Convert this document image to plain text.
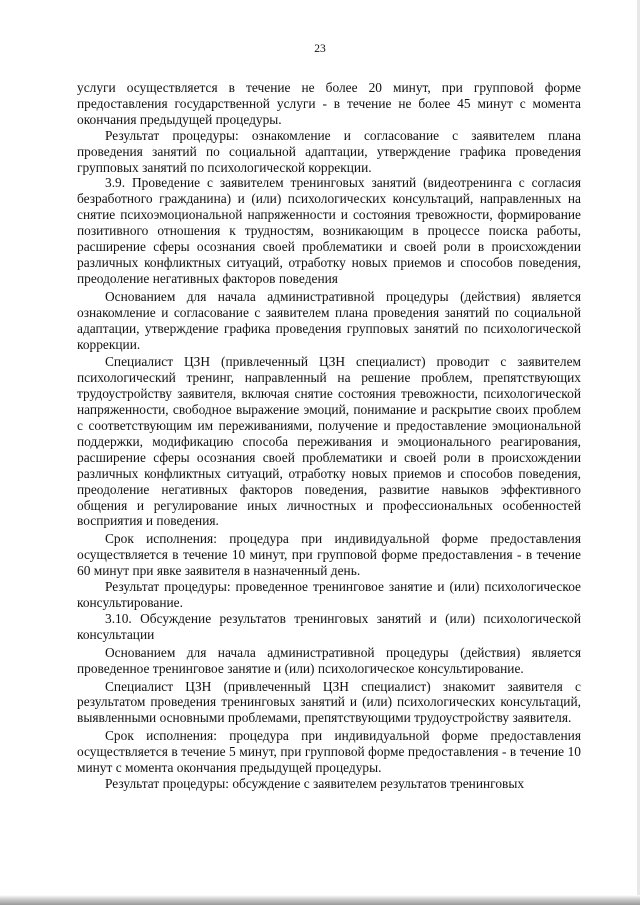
23

услуги осуществляется в течение не более 20 минут, при групповой форме предоставления государственной услуги - в течение не более 45 минут с момента окончания предыдущей процедуры.

Результат процедуры: ознакомление и согласование с заявителем плана проведения занятий по социальной адаптации, утверждение графика проведения групповых занятий по психологической коррекции.

3.9. Проведение с заявителем тренинговых занятий (видеотренинга с согласия безработного гражданина) и (или) психологических консультаций, направленных на снятие психоэмоциональной напряженности и состояния тревожности, формирование позитивного отношения к трудностям, возникающим в процессе поиска работы, расширение сферы осознания своей проблематики и своей роли в происхождении различных конфликтных ситуаций, отработку новых приемов и способов поведения, преодоление негативных факторов поведения

Основанием для начала административной процедуры (действия) является ознакомление и согласование с заявителем плана проведения занятий по социальной адаптации, утверждение графика проведения групповых занятий по психологической коррекции.

Специалист ЦЗН (привлеченный ЦЗН специалист) проводит с заявителем психологический тренинг, направленный на решение проблем, препятствующих трудоустройству заявителя, включая снятие состояния тревожности, психологической напряженности, свободное выражение эмоций, понимание и раскрытие своих проблем с соответствующим им переживаниями, получение и предоставление эмоциональной поддержки, модификацию способа переживания и эмоционального реагирования, расширение сферы осознания своей проблематики и своей роли в происхождении различных конфликтных ситуаций, отработку новых приемов и способов поведения, преодоление негативных факторов поведения, развитие навыков эффективного общения и регулирование иных личностных и профессиональных особенностей восприятия и поведения.

Срок исполнения: процедура при индивидуальной форме предоставления осуществляется в течение 10 минут, при групповой форме предоставления - в течение 60 минут при явке заявителя в назначенный день.

Результат процедуры: проведенное тренинговое занятие и (или) психологическое консультирование.

3.10. Обсуждение результатов тренинговых занятий и (или) психологической консультации

Основанием для начала административной процедуры (действия) является проведенное тренинговое занятие и (или) психологическое консультирование.

Специалист ЦЗН (привлеченный ЦЗН специалист) знакомит заявителя с результатом проведения тренинговых занятий и (или) психологических консультаций, выявленными основными проблемами, препятствующими трудоустройству заявителя.

Срок исполнения: процедура при индивидуальной форме предоставления осуществляется в течение 5 минут, при групповой форме предоставления - в течение 10 минут с момента окончания предыдущей процедуры.

Результат процедуры: обсуждение с заявителем результатов тренинговых
